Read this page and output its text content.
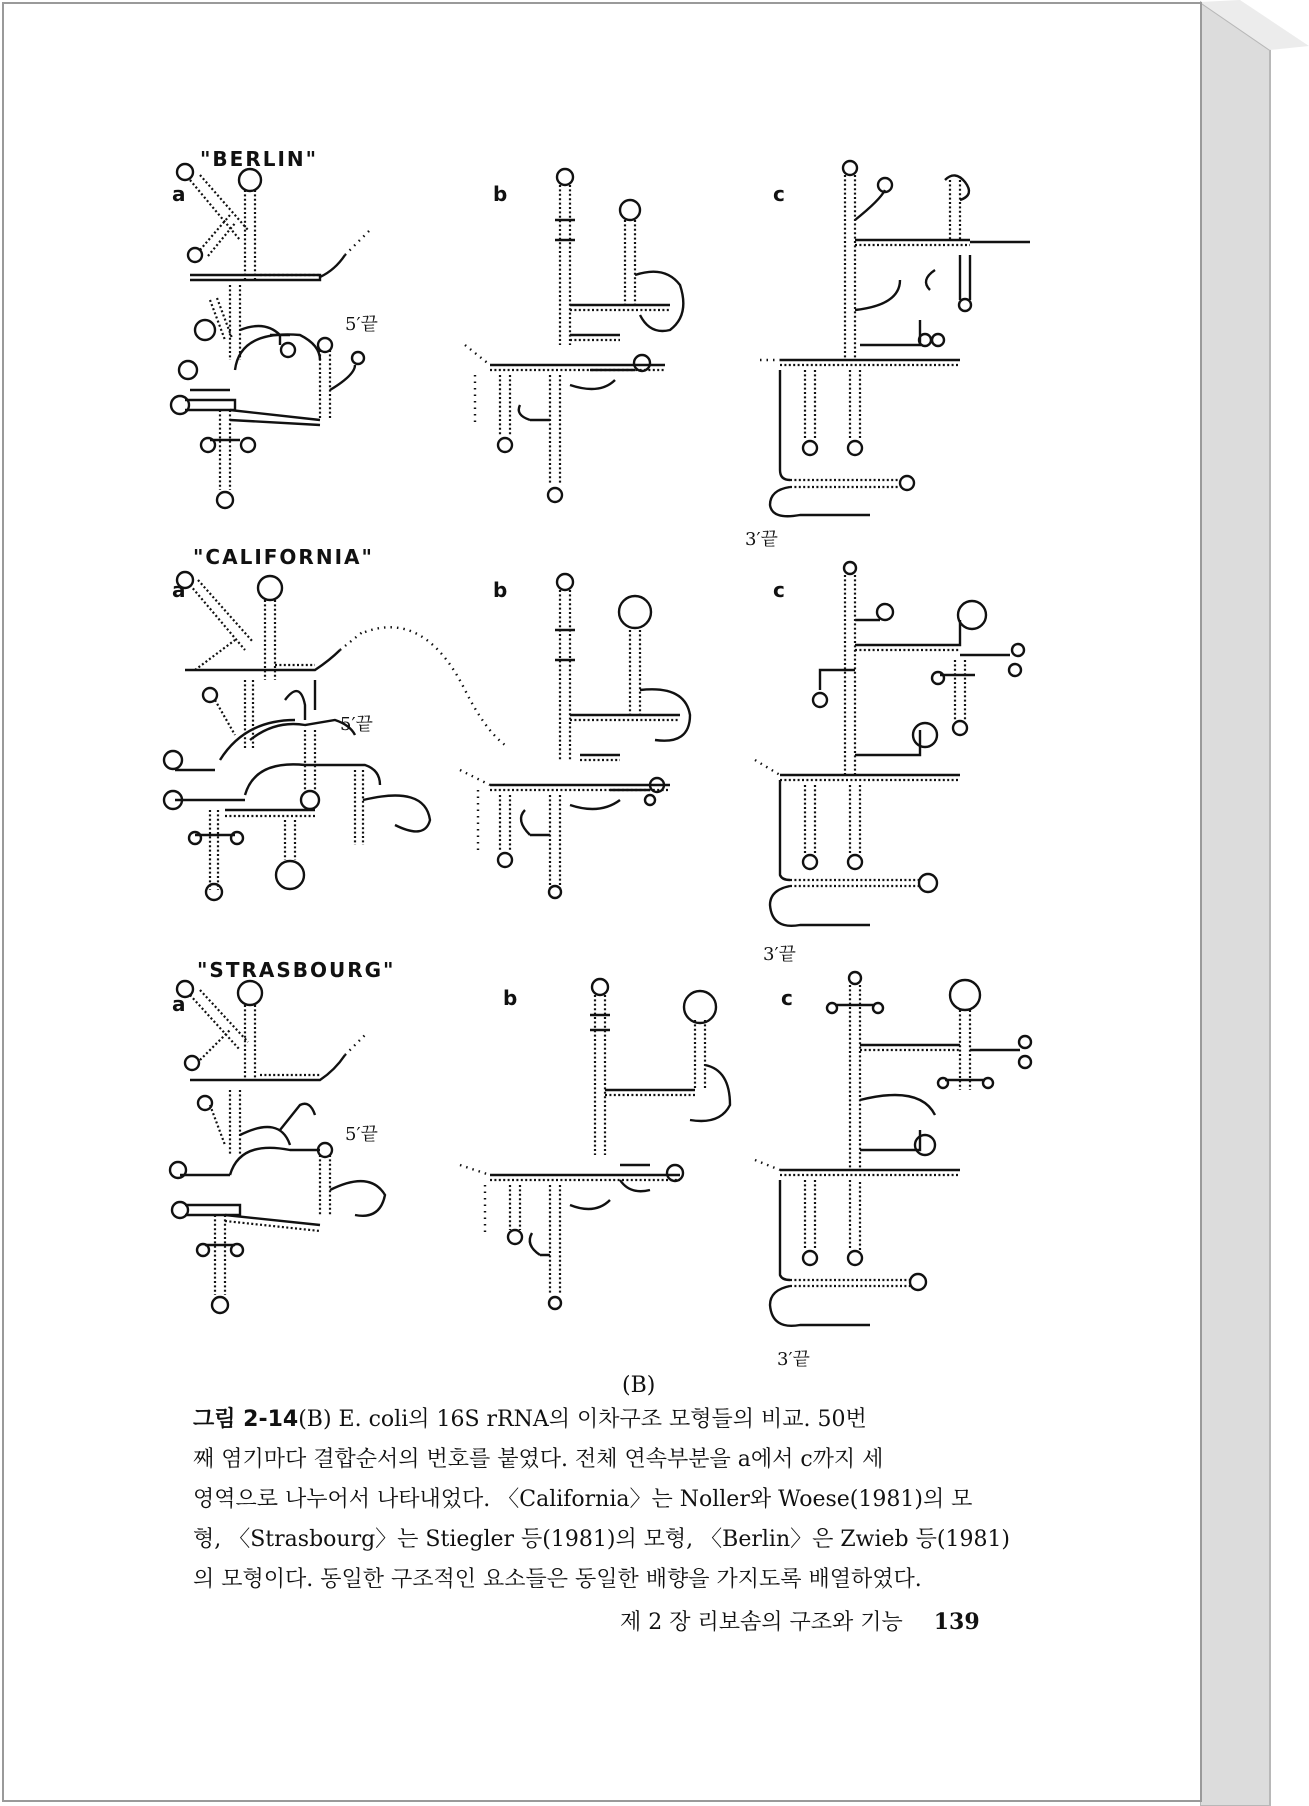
"BERLIN"
a	b	c
5′끝
3′끝
"CALIFORNIA"
a	b	c
5′끝
3′끝
"STRASBOURG"
a	b	c
5′끝
3′끝
(B)
그림 2-14(B) E. coli의 16S rRNA의 이차구조 모형들의 비교. 50번
째 염기마다 결합순서의 번호를 붙였다. 전체 연속부분을 a에서 c까지 세
영역으로 나누어서 나타내었다. 〈California〉는 Noller와 Woese(1981)의 모
형, 〈Strasbourg〉는 Stiegler 등(1981)의 모형, 〈Berlin〉은 Zwieb 등(1981)
의 모형이다. 동일한 구조적인 요소들은 동일한 배향을 가지도록 배열하였다.
제 2 장 리보솜의 구조와 기능 139
